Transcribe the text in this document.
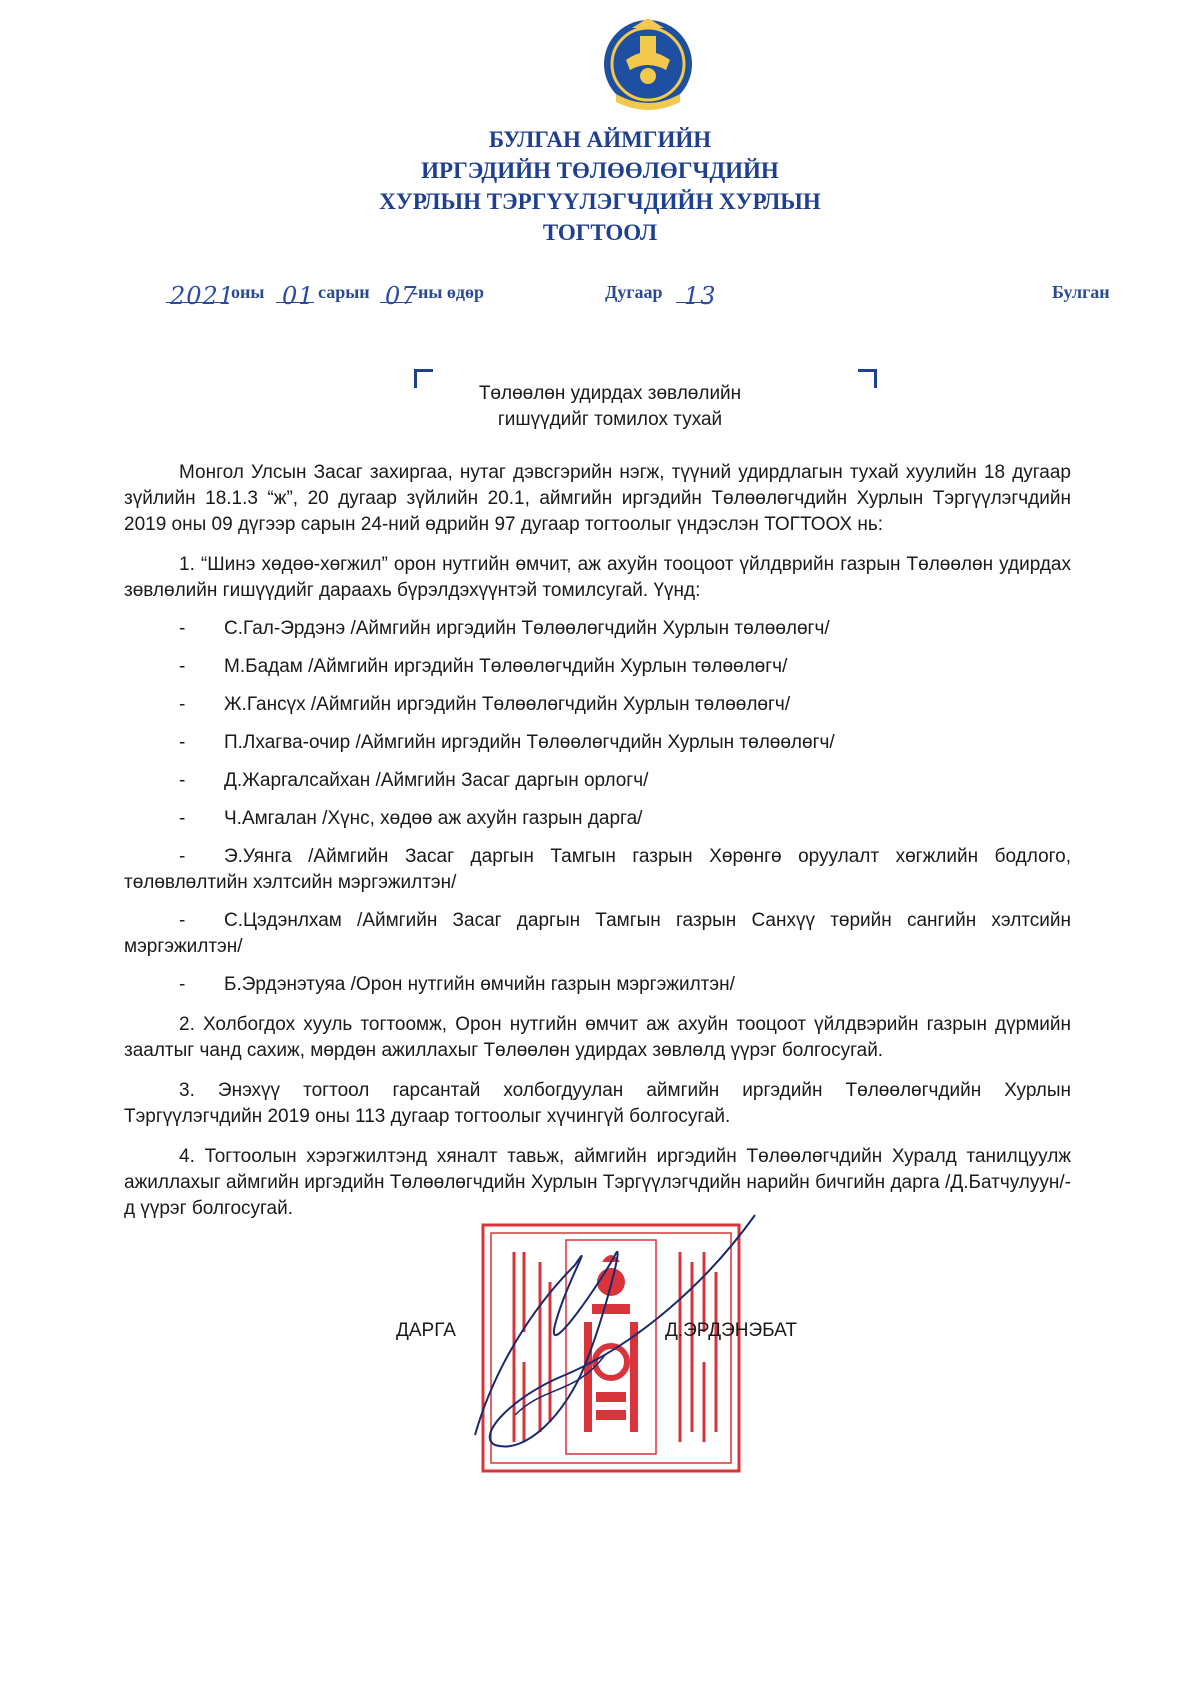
БУЛГАН АЙМГИЙН
ИРГЭДИЙН ТӨЛӨӨЛӨГЧДИЙН
ХУРЛЫН ТЭРГҮҮЛЭГЧДИЙН ХУРЛЫН
ТОГТООЛ
2021
оны 01 сарын 07
-ны өдөр	Дугаар 13	Булган
Төлөөлөн удирдах зөвлөлийн
гишүүдийг томилох тухай

Монгол Улсын Засаг захиргаа, нутаг дэвсгэрийн нэгж, түүний удирдлагын тухай хуулийн 18 дугаар зүйлийн 18.1.3 “ж”, 20 дугаар зүйлийн 20.1, аймгийн иргэдийн Төлөөлөгчдийн Хурлын Тэргүүлэгчдийн 2019 оны 09 дүгээр сарын 24-ний өдрийн 97 дугаар тогтоолыг үндэслэн ТОГТООХ нь:

1. “Шинэ хөдөө-хөгжил” орон нутгийн өмчит, аж ахуйн тооцоот үйлдврийн газрын Төлөөлөн удирдах зөвлөлийн гишүүдийг дараахь бүрэлдэхүүнтэй томилсугай. Үүнд:

- С.Гал-Эрдэнэ /Аймгийн иргэдийн Төлөөлөгчдийн Хурлын төлөөлөгч/

- М.Бадам /Аймгийн иргэдийн Төлөөлөгчдийн Хурлын төлөөлөгч/

- Ж.Гансүх /Аймгийн иргэдийн Төлөөлөгчдийн Хурлын төлөөлөгч/

- П.Лхагва-очир /Аймгийн иргэдийн Төлөөлөгчдийн Хурлын төлөөлөгч/

- Д.Жаргалсайхан /Аймгийн Засаг даргын орлогч/

- Ч.Амгалан /Хүнс, хөдөө аж ахуйн газрын дарга/

- Э.Уянга /Аймгийн Засаг даргын Тамгын газрын Хөрөнгө оруулалт хөгжлийн бодлого, төлөвлөлтийн хэлтсийн мэргэжилтэн/

- С.Цэдэнлхам /Аймгийн Засаг даргын Тамгын газрын Санхүү төрийн сангийн хэлтсийн мэргэжилтэн/

- Б.Эрдэнэтуяа /Орон нутгийн өмчийн газрын мэргэжилтэн/

2. Холбогдох хууль тогтоомж, Орон нутгийн өмчит аж ахуйн тооцоот үйлдвэрийн газрын дүрмийн заалтыг чанд сахиж, мөрдөн ажиллахыг Төлөөлөн удирдах зөвлөлд үүрэг болгосугай.

3. Энэхүү тогтоол гарсантай холбогдуулан аймгийн иргэдийн Төлөөлөгчдийн Хурлын Тэргүүлэгчдийн 2019 оны 113 дугаар тогтоолыг хүчингүй болгосугай.

4. Тогтоолын хэрэгжилтэнд хяналт тавьж, аймгийн иргэдийн Төлөөлөгчдийн Хуралд танилцуулж ажиллахыг аймгийн иргэдийн Төлөөлөгчдийн Хурлын Тэргүүлэгчдийн нарийн бичгийн дарга /Д.Батчулуун/-д үүрэг болгосугай.

ДАРГА	Д.ЭРДЭНЭБАТ
